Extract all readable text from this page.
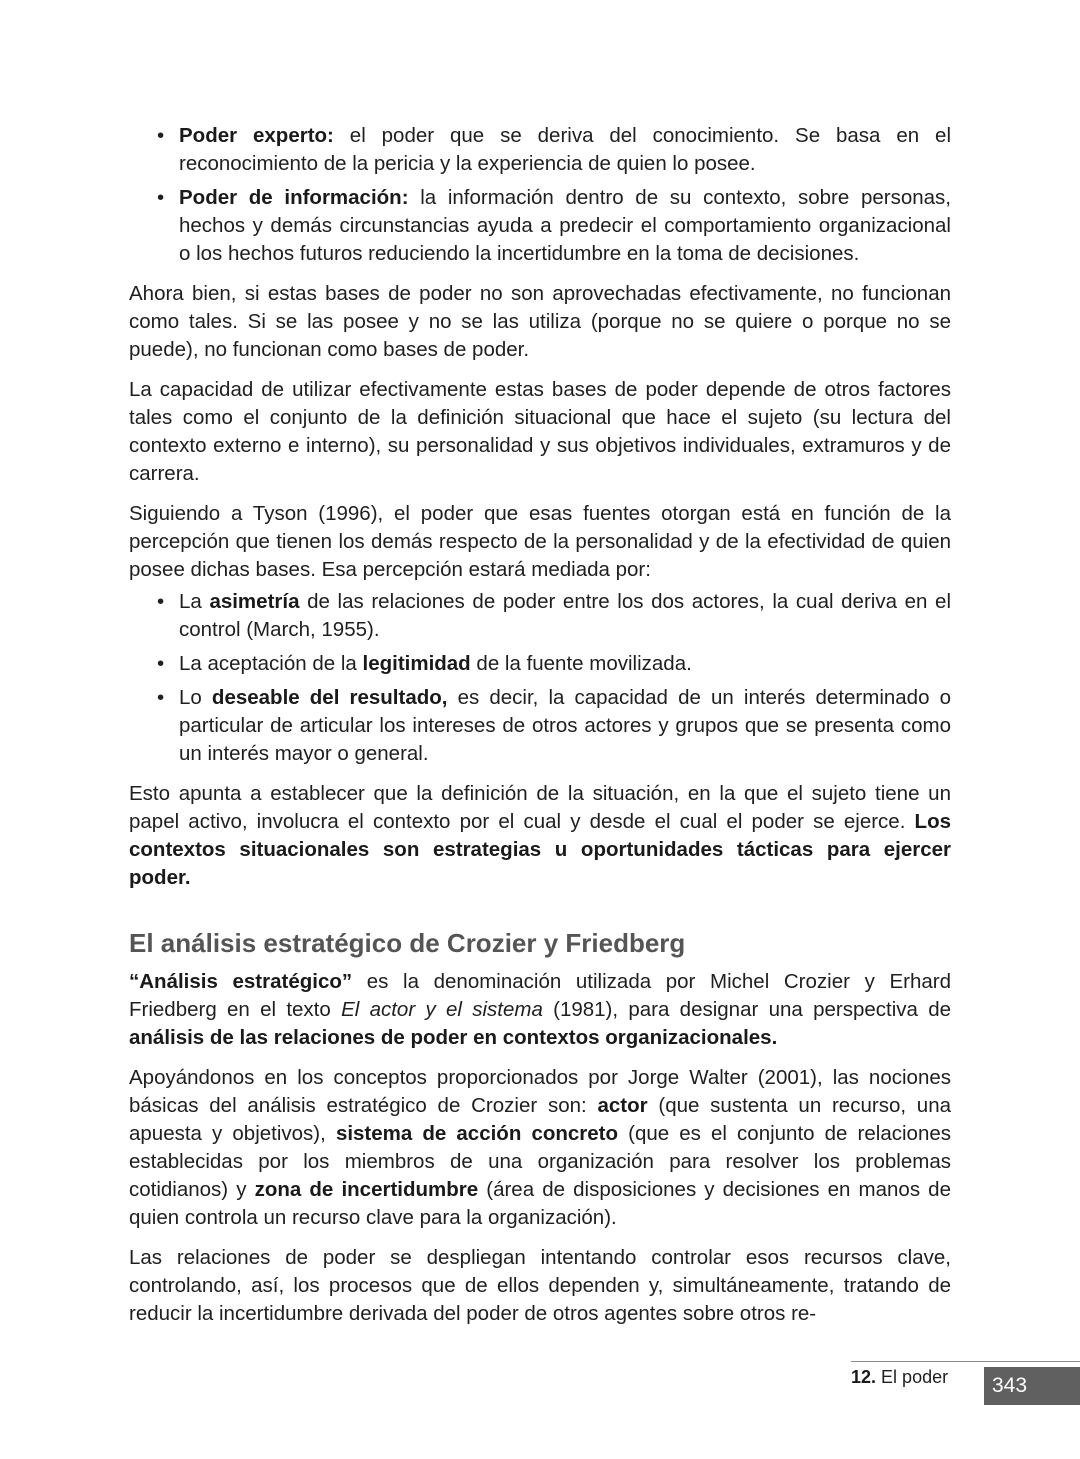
• Poder experto: el poder que se deriva del conocimiento. Se basa en el reconocimiento de la pericia y la experiencia de quien lo posee.
• Poder de información: la información dentro de su contexto, sobre personas, hechos y demás circunstancias ayuda a predecir el comportamiento organizacional o los hechos futuros reduciendo la incertidumbre en la toma de decisiones.

Ahora bien, si estas bases de poder no son aprovechadas efectivamente, no funcionan como tales. Si se las posee y no se las utiliza (porque no se quiere o porque no se puede), no funcionan como bases de poder.

La capacidad de utilizar efectivamente estas bases de poder depende de otros factores tales como el conjunto de la definición situacional que hace el sujeto (su lectura del contexto externo e interno), su personalidad y sus objetivos individuales, extramuros y de carrera.

Siguiendo a Tyson (1996), el poder que esas fuentes otorgan está en función de la percepción que tienen los demás respecto de la personalidad y de la efectividad de quien posee dichas bases. Esa percepción estará mediada por:

• La asimetría de las relaciones de poder entre los dos actores, la cual deriva en el control (March, 1955).
• La aceptación de la legitimidad de la fuente movilizada.
• Lo deseable del resultado, es decir, la capacidad de un interés determinado o particular de articular los intereses de otros actores y grupos que se presenta como un interés mayor o general.

Esto apunta a establecer que la definición de la situación, en la que el sujeto tiene un papel activo, involucra el contexto por el cual y desde el cual el poder se ejerce. Los contextos situacionales son estrategias u oportunidades tácticas para ejercer poder.

El análisis estratégico de Crozier y Friedberg

“Análisis estratégico” es la denominación utilizada por Michel Crozier y Erhard Friedberg en el texto El actor y el sistema (1981), para designar una perspectiva de análisis de las relaciones de poder en contextos organizacionales.

Apoyándonos en los conceptos proporcionados por Jorge Walter (2001), las nociones básicas del análisis estratégico de Crozier son: actor (que sustenta un recurso, una apuesta y objetivos), sistema de acción concreto (que es el conjunto de relaciones establecidas por los miembros de una organización para resolver los problemas cotidianos) y zona de incertidumbre (área de disposiciones y decisiones en manos de quien controla un recurso clave para la organización).

Las relaciones de poder se despliegan intentando controlar esos recursos clave, controlando, así, los procesos que de ellos dependen y, simultáneamente, tratando de reducir la incertidumbre derivada del poder de otros agentes sobre otros re-

12. El poder	343
